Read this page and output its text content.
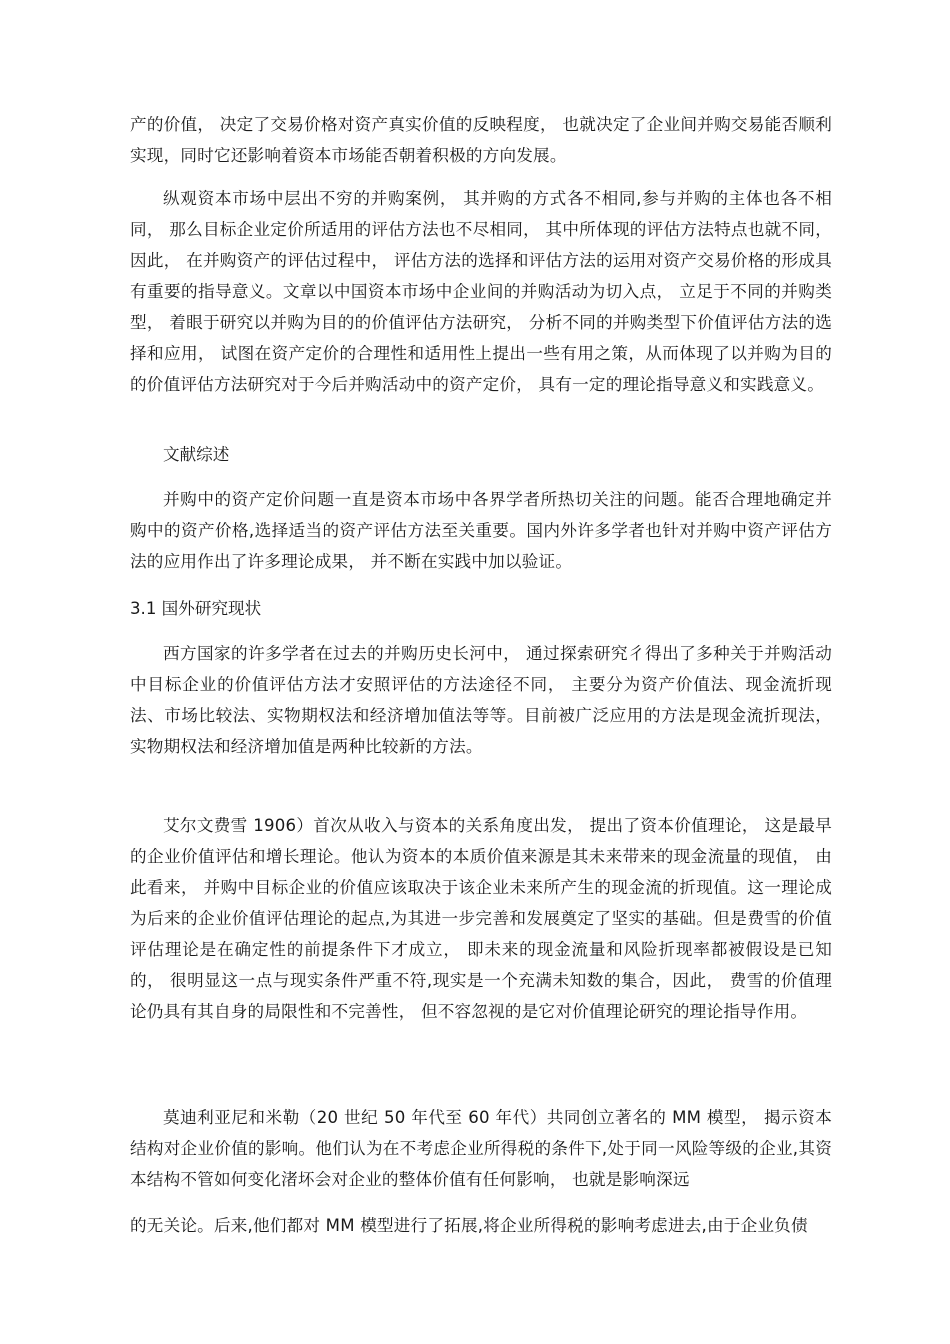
产的价值， 决定了交易价格对资产真实价值的反映程度， 也就决定了企业间并购交易能否顺利实现，同时它还影响着资本市场能否朝着积极的方向发展。

纵观资本市场中层出不穷的并购案例， 其并购的方式各不相同,参与并购的主体也各不相同， 那么目标企业定价所适用的评估方法也不尽相同， 其中所体现的评估方法特点也就不同， 因此， 在并购资产的评估过程中， 评估方法的选择和评估方法的运用对资产交易价格的形成具有重要的指导意义。文章以中国资本市场中企业间的并购活动为切入点， 立足于不同的并购类型， 着眼于研究以并购为目的的价值评估方法研究， 分析不同的并购类型下价值评估方法的选择和应用， 试图在资产定价的合理性和适用性上提出一些有用之策，从而体现了以并购为目的的价值评估方法研究对于今后并购活动中的资产定价， 具有一定的理论指导意义和实践意义。

文献综述

并购中的资产定价问题一直是资本市场中各界学者所热切关注的问题。能否合理地确定并购中的资产价格,选择适当的资产评估方法至关重要。国内外许多学者也针对并购中资产评估方法的应用作出了许多理论成果， 并不断在实践中加以验证。

3.1 国外研究现状

西方国家的许多学者在过去的并购历史长河中， 通过探索研究彳得出了多种关于并购活动中目标企业的价值评估方法才安照评估的方法途径不同， 主要分为资产价值法、现金流折现法、市场比较法、实物期权法和经济增加值法等等。目前被广泛应用的方法是现金流折现法， 实物期权法和经济增加值是两种比较新的方法。

艾尔文费雪 1906）首次从收入与资本的关系角度出发， 提出了资本价值理论， 这是最早的企业价值评估和增长理论。他认为资本的本质价值来源是其未来带来的现金流量的现值， 由此看来， 并购中目标企业的价值应该取决于该企业未来所产生的现金流的折现值。这一理论成为后来的企业价值评估理论的起点,为其进一步完善和发展奠定了坚实的基础。但是费雪的价值评估理论是在确定性的前提条件下才成立， 即未来的现金流量和风险折现率都被假设是已知的， 很明显这一点与现实条件严重不符,现实是一个充满未知数的集合，因此， 费雪的价值理论仍具有其自身的局限性和不完善性， 但不容忽视的是它对价值理论研究的理论指导作用。

莫迪利亚尼和米勒（20 世纪 50 年代至 60 年代）共同创立著名的 MM 模型， 揭示资本结构对企业价值的影响。他们认为在不考虑企业所得税的条件下,处于同一风险等级的企业,其资本结构不管如何变化渚坏会对企业的整体价值有任何影响， 也就是影响深远

的无关论。后来,他们都对 MM 模型进行了拓展,将企业所得税的影响考虑进去,由于企业负债
